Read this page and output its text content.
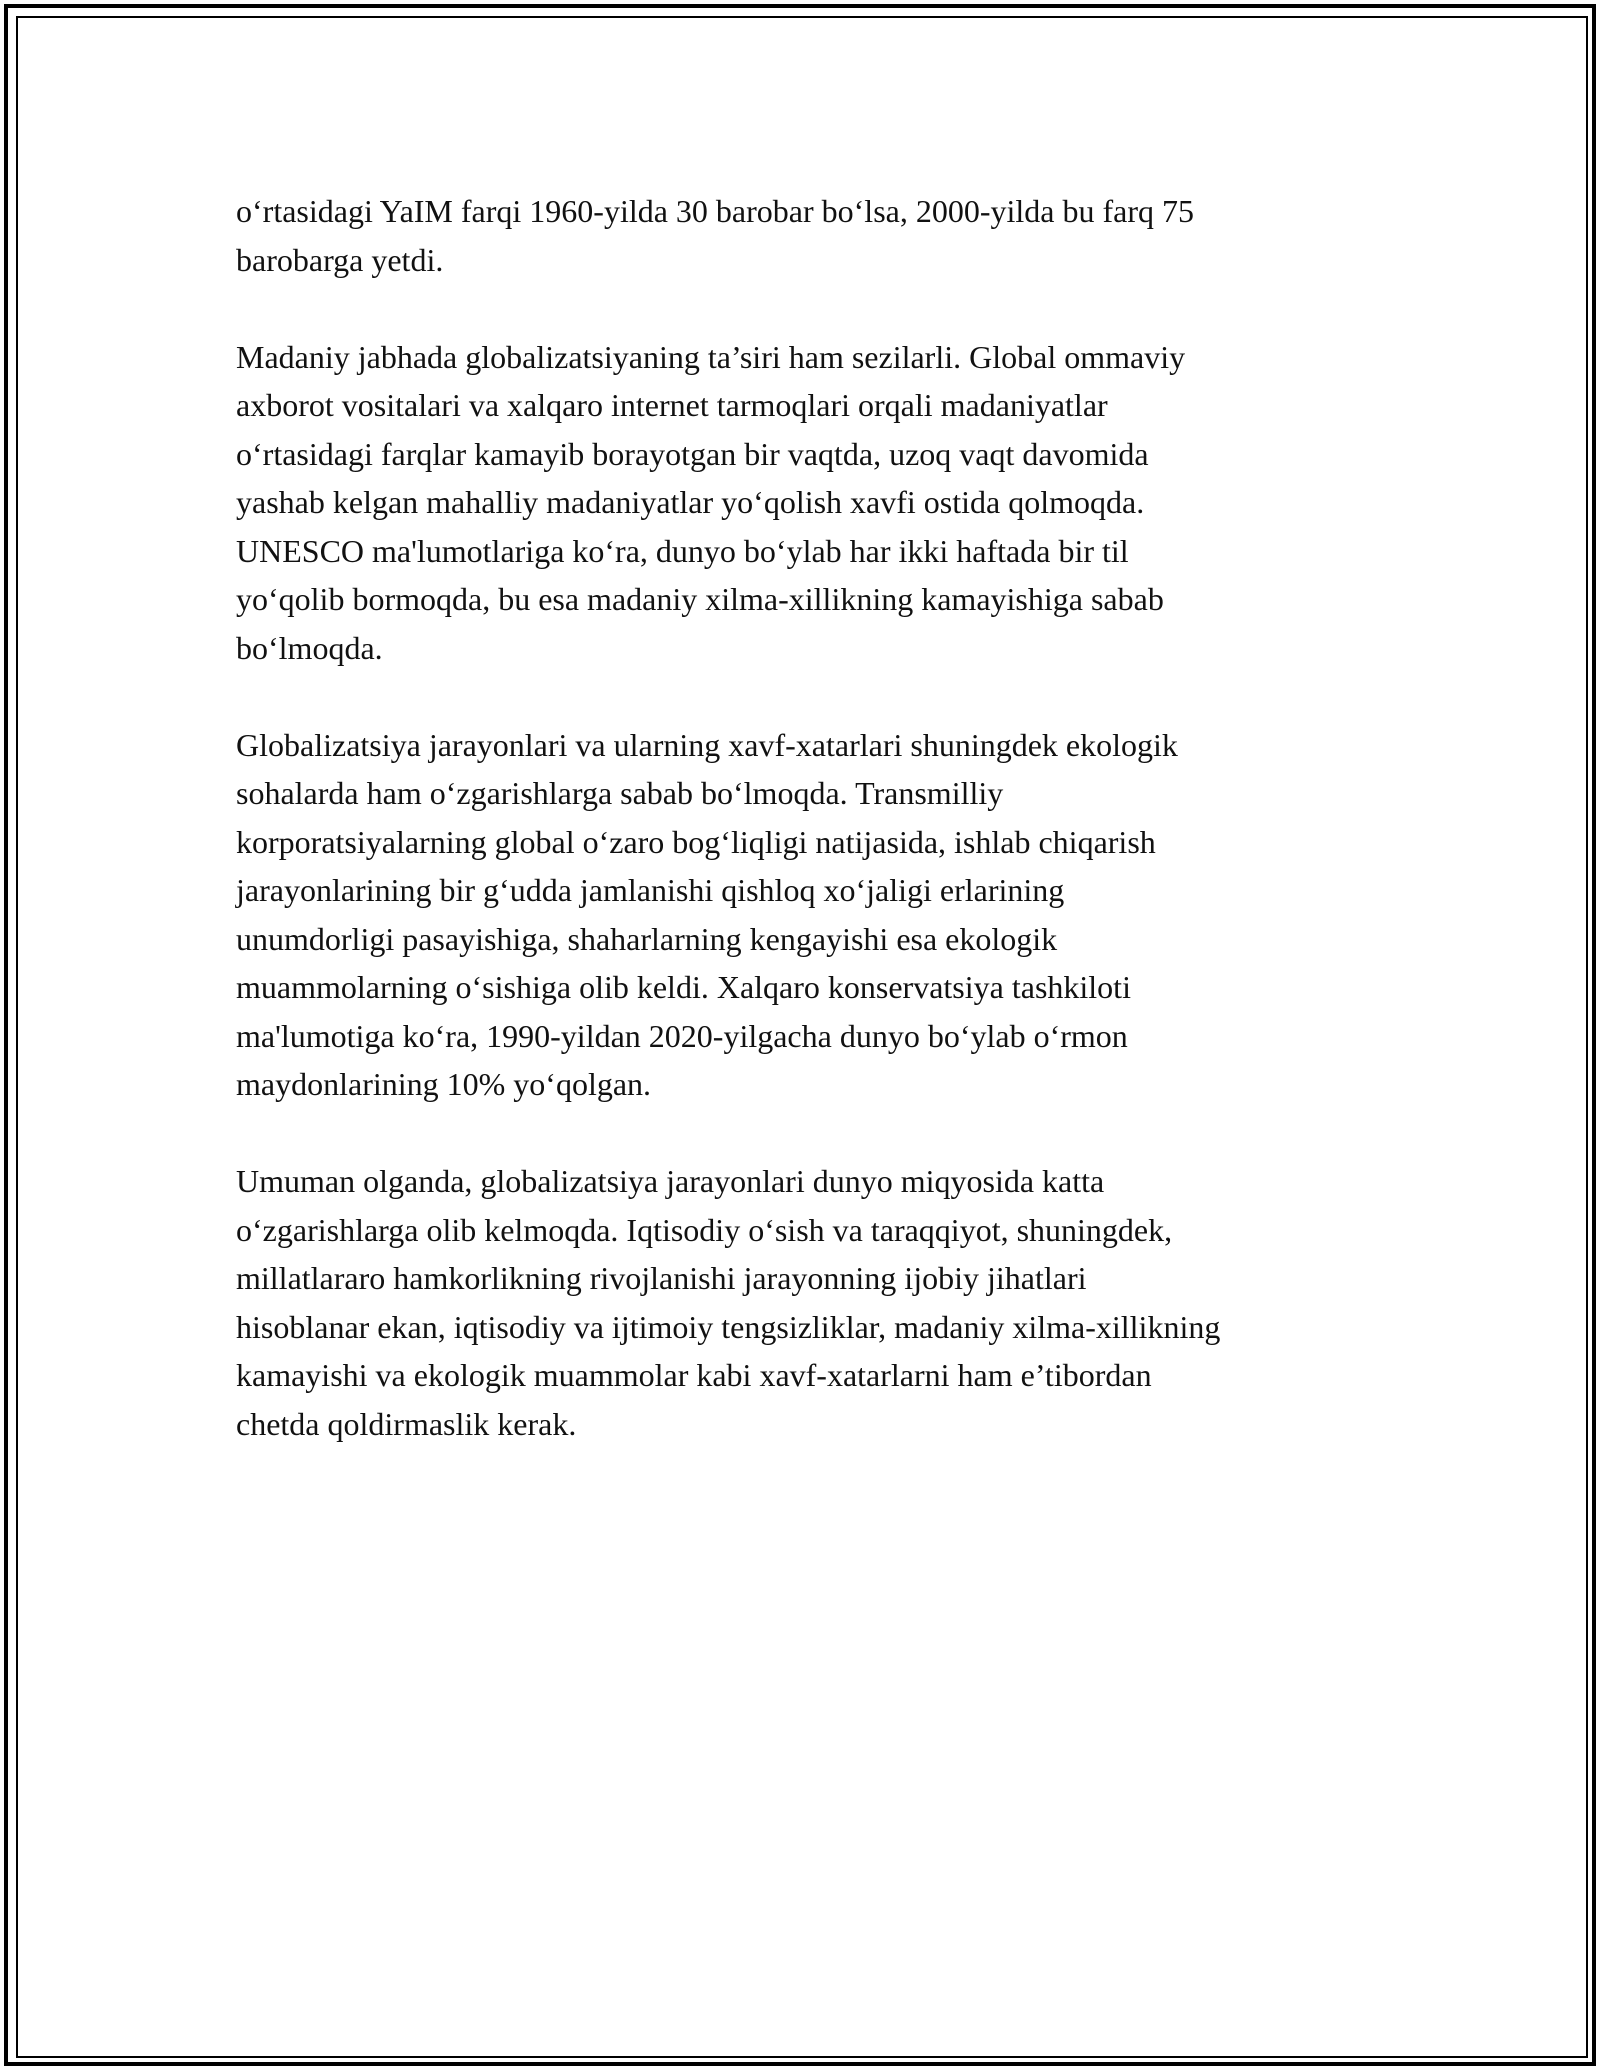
o‘rtasidagi YaIM farqi 1960-yilda 30 barobar bo‘lsa, 2000-yilda bu farq 75
barobarga yetdi.

Madaniy jabhada globalizatsiyaning ta’siri ham sezilarli. Global ommaviy
axborot vositalari va xalqaro internet tarmoqlari orqali madaniyatlar
o‘rtasidagi farqlar kamayib borayotgan bir vaqtda, uzoq vaqt davomida
yashab kelgan mahalliy madaniyatlar yo‘qolish xavfi ostida qolmoqda.
UNESCO ma'lumotlariga ko‘ra, dunyo bo‘ylab har ikki haftada bir til
yo‘qolib bormoqda, bu esa madaniy xilma-xillikning kamayishiga sabab
bo‘lmoqda.

Globalizatsiya jarayonlari va ularning xavf-xatarlari shuningdek ekologik
sohalarda ham o‘zgarishlarga sabab bo‘lmoqda. Transmilliy
korporatsiyalarning global o‘zaro bog‘liqligi natijasida, ishlab chiqarish
jarayonlarining bir g‘udda jamlanishi qishloq xo‘jaligi erlarining
unumdorligi pasayishiga, shaharlarning kengayishi esa ekologik
muammolarning o‘sishiga olib keldi. Xalqaro konservatsiya tashkiloti
ma'lumotiga ko‘ra, 1990-yildan 2020-yilgacha dunyo bo‘ylab o‘rmon
maydonlarining 10% yo‘qolgan.

Umuman olganda, globalizatsiya jarayonlari dunyo miqyosida katta
o‘zgarishlarga olib kelmoqda. Iqtisodiy o‘sish va taraqqiyot, shuningdek,
millatlararo hamkorlikning rivojlanishi jarayonning ijobiy jihatlari
hisoblanar ekan, iqtisodiy va ijtimoiy tengsizliklar, madaniy xilma-xillikning
kamayishi va ekologik muammolar kabi xavf-xatarlarni ham e’tibordan
chetda qoldirmaslik kerak.
